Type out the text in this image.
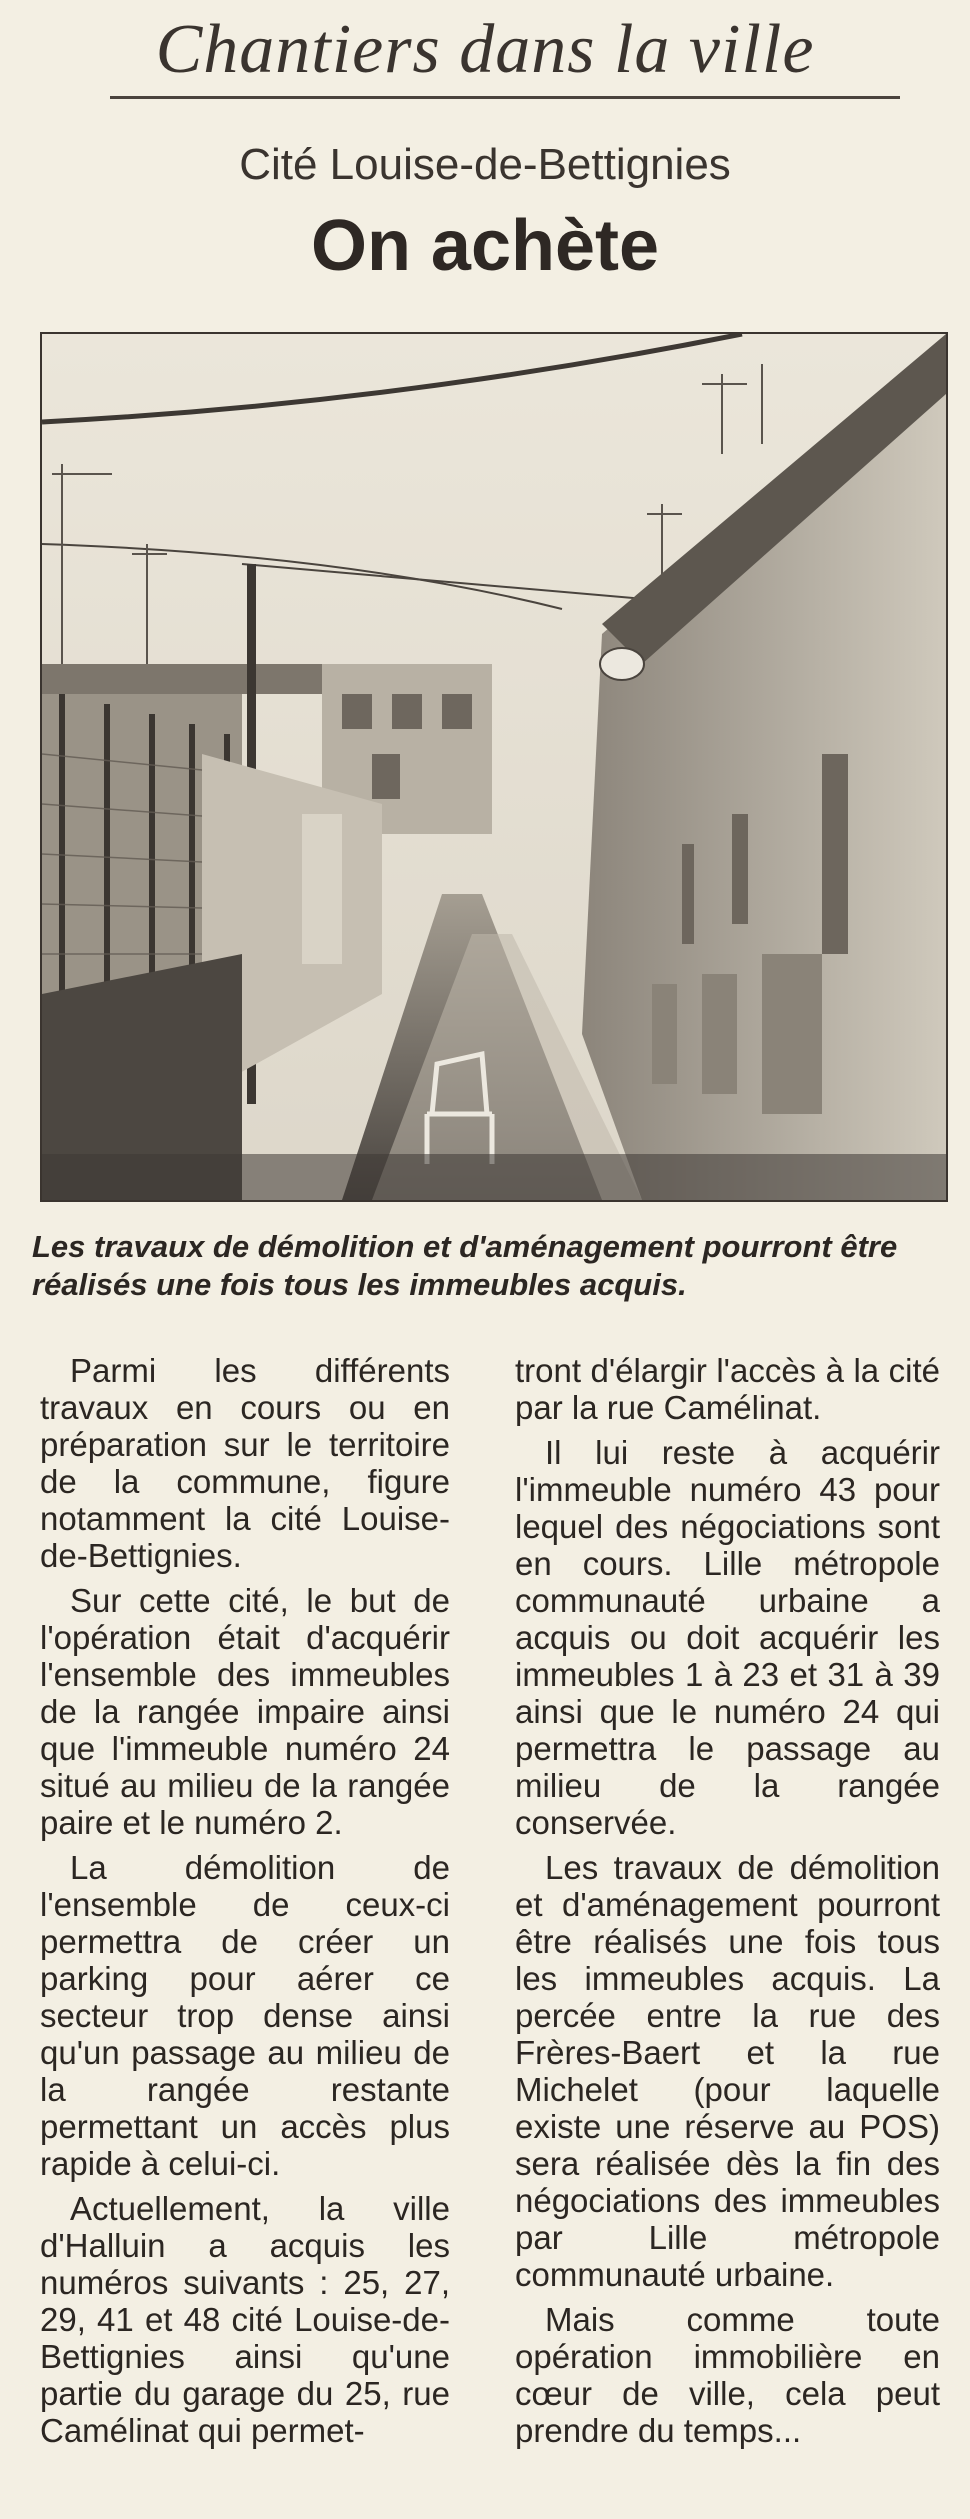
Chantiers dans la ville
Cité Louise-de-Bettignies
On achète
Les travaux de démolition et d'aménagement pourront être réalisés une fois tous les immeubles acquis.

Parmi les différents travaux en cours ou en préparation sur le territoire de la commune, figure notamment la cité Louise-de-Bettignies.

Sur cette cité, le but de l'opération était d'acquérir l'ensemble des immeubles de la rangée impaire ainsi que l'immeuble numéro 24 situé au milieu de la rangée paire et le numéro 2.

La démolition de l'ensemble de ceux-ci permettra de créer un parking pour aérer ce secteur trop dense ainsi qu'un passage au milieu de la rangée restante permettant un accès plus rapide à celui-ci.

Actuellement, la ville d'Halluin a acquis les numéros suivants : 25, 27, 29, 41 et 48 cité Louise-de-Bettignies ainsi qu'une partie du garage du 25, rue Camélinat qui permet-

tront d'élargir l'accès à la cité par la rue Camélinat.

Il lui reste à acquérir l'immeuble numéro 43 pour lequel des négociations sont en cours. Lille métropole communauté urbaine a acquis ou doit acquérir les immeubles 1 à 23 et 31 à 39 ainsi que le numéro 24 qui permettra le passage au milieu de la rangée conservée.

Les travaux de démolition et d'aménagement pourront être réalisés une fois tous les immeubles acquis. La percée entre la rue des Frères-Baert et la rue Michelet (pour laquelle existe une réserve au POS) sera réalisée dès la fin des négociations des immeubles par Lille métropole communauté urbaine.

Mais comme toute opération immobilière en cœur de ville, cela peut prendre du temps...
